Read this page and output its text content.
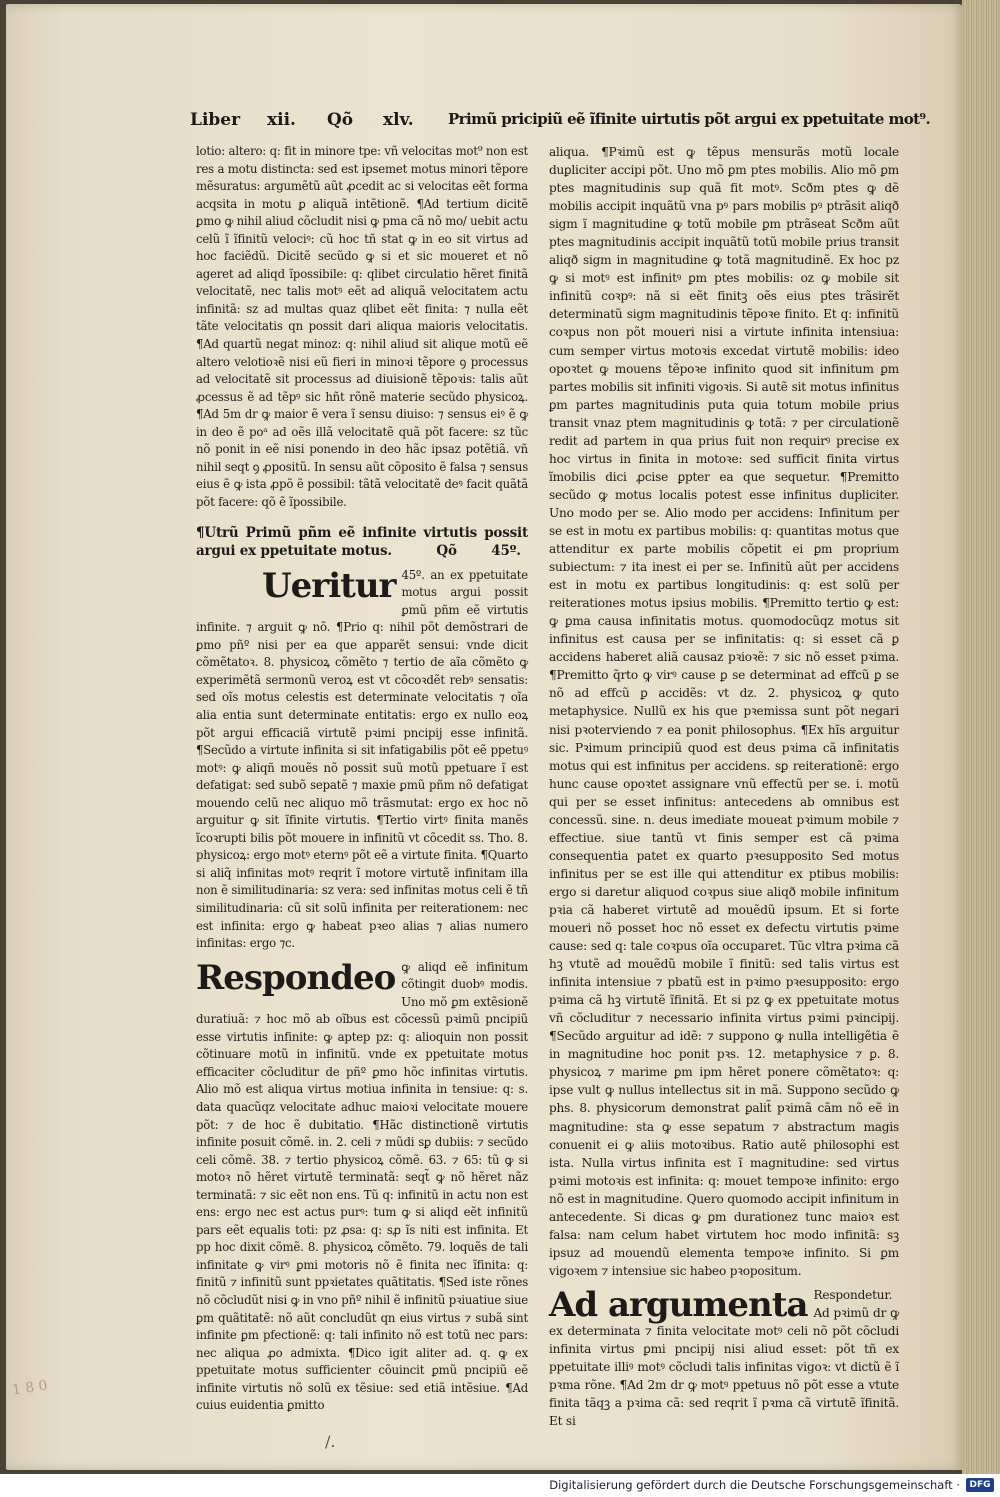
Liber xii. Qõ xlv. Primũ pricipiũ eẽ ĩfinite uirtutis põt argui ex ppetuitate mot⁹.

lotio: altero: q: fit in minore tpe: vñ velocitas mot⁹ non est res a motu distincta: sed est ipsemet motus minori tẽpore mẽsuratus: argumẽtũ aũt ꝓcedit ac si velocitas eẽt forma acqsita in motu ꝑ aliquã intẽtionẽ. ¶Ad tertium dicitẽ ꝑmo ꝙ nihil aliud cõcludit nisi ꝙ pma cã nõ mo/ uebit actu celũ ĩ ĩfinitũ velociꝰ: cũ hoc tñ stat ꝙ in eo sit virtus ad hoc faciẽdũ. Dicitẽ secũdo ꝙ si et sic moueret et nõ ageret ad aliqd ĩpossibile: q: qlibet circulatio hẽret finitã velocitatẽ, nec talis motꝰ eẽt ad aliquã velocitatem actu infinitã: sz ad multas quaz qlibet eẽt finita: ⁊ nulla eẽt tãte velocitatis qn possit dari aliqua maioris velocitatis. ¶Ad quartũ negat minoz: q: nihil aliud sit alique motũ eẽ altero velotioꝛẽ nisi eũ fieri in minoꝛi tẽpore ꝯ processus ad velocitatẽ sit processus ad diuisionẽ tẽpoꝛis: talis aũt ꝓcessus ẽ ad tẽpꝰ sic hñt rõnẽ materie secũdo physicoꝝ. ¶Ad 5m dr ꝙ maior ẽ vera ĩ sensu diuiso: ⁊ sensus eiꝰ ẽ ꝙ in deo ẽ poᵃ ad oẽs illã velocitatẽ quã põt facere: sz tũc nõ ponit in eẽ nisi ponendo in deo hãc ipsaz potẽtiã. vñ nihil seqt ꝯ ꝓpositũ. In sensu aũt cõposito ẽ falsa ⁊ sensus eius ẽ ꝙ ista ꝓpõ ẽ possibil: tãtã velocitatẽ deꝰ facit quãtã põt facere: qõ ẽ ĩpossibile.

¶Utrũ Primũ pñm eẽ infinite virtutis possit argui ex ppetuitate motus.	Qõ	45º.

Ueritur 45º. an ex ppetuitate motus argui possit ꝑmũ pñm eẽ virtutis infinite. ⁊ arguit ꝙ nõ. ¶Prio q: nihil põt demõstrari de ꝑmo pñº nisi per ea que apparẽt sensui: vnde dicit cõmẽtatoꝛ. 8. physicoꝝ cõmẽto ⁊ tertio de aĩa cõmẽto ꝙ experimẽtã sermonũ veroꝝ est vt cõcoꝛdẽt rebꝰ sensatis: sed oĩs motus celestis est determinate velocitatis ⁊ oĩa alia entia sunt determinate entitatis: ergo ex nullo eoꝝ põt argui efficaciã virtutẽ pꝛimi pncipij esse infinitã. ¶Secũdo a virtute infinita si sit infatigabilis põt eẽ ppetuꝰ motꝰ: ꝙ aliqñ mouẽs nõ possit suũ motũ ppetuare ĩ est defatigat: sed subõ sepatẽ ⁊ maxie ꝑmũ pñm nõ defatigat mouendo celũ nec aliquo mõ trãsmutat: ergo ex hoc nõ arguitur ꝙ sit ĩfinite virtutis. ¶Tertio virtꝰ finita manẽs ĩcoꝛrupti bilis põt mouere in infinitũ vt cõcedit ss. Tho. 8. physicoꝝ: ergo motꝰ eternꝰ põt eẽ a virtute finita. ¶Quarto si aliq̃ infinitas motꝰ reqrit ĩ motore virtutẽ infinitam illa non ẽ similitudinaria: sz vera: sed infinitas motus celi ẽ tñ similitudinaria: cũ sit solũ infinita per reiterationem: nec est infinita: ergo ꝙ habeat pꝛeo alias ⁊ alias numero infinitas: ergo ⁊c.

Respondeo ꝙ aliqd eẽ infinitum cõtingit duobꝰ modis. Uno mõ ꝑm extẽsionẽ duratiuã: ⁊ hoc mõ ab oĩbus est cõcessũ pꝛimũ pncipiũ esse virtutis infinite: ꝙ aptep pz: q: alioquin non possit cõtinuare motũ in infinitũ. vnde ex ppetuitate motus efficaciter cõcluditur de pñº ꝑmo hõc infinitas virtutis. Alio mõ est aliqua virtus motiua infinita in tensiue: q: s. data quacũqz velocitate adhuc maioꝛi velocitate mouere põt: ⁊ de hoc ẽ dubitatio. ¶Hãc distinctionẽ virtutis infinite posuit cõmẽ. in. 2. celi ⁊ mũdi sꝑ dubiis: ⁊ secũdo celi cõmẽ. 38. ⁊ tertio physicoꝝ cõmẽ. 63. ⁊ 65: tũ ꝙ si motoꝛ nõ hẽret virtutẽ terminatã: seqt̃ ꝙ nõ hẽret nãz terminatã: ⁊ sic eẽt non ens. Tũ q: infinitũ in actu non est ens: ergo nec est actus purꝰ: tum ꝙ si aliqd eẽt infinitũ pars eẽt equalis toti: pz ꝓsa: q: sꝓ ĩs niti est infinita. Et pp hoc dixit cõmẽ. 8. physicoꝝ cõmẽto. 79. loquẽs de tali infinitate ꝙ virꝰ ꝑmi motoris nõ ẽ finita nec ĩfinita: q: finitũ ⁊ infinitũ sunt ppꝛietates quãtitatis. ¶Sed iste rõnes nõ cõcludũt nisi ꝙ in vno pñº nihil ẽ infinitũ pꝛiuatiue siue ꝑm quãtitatẽ: nõ aũt concludũt qn eius virtus ⁊ subã sint infinite ꝑm pfectionẽ: q: tali infinito nõ est totũ nec pars: nec aliqua ꝓo admixta. ¶Dico igit aliter ad. q. ꝙ ex ppetuitate motus sufficienter cõuincit ꝑmũ pncipiũ eẽ infinite virtutis nõ solũ ex tẽsiue: sed etiã intẽsiue. ¶Ad cuius euidentia ꝑmitto

aliqua. ¶Pꝛimũ est ꝙ tẽpus mensurãs motũ locale duꝑliciter accipi põt. Uno mõ ꝑm ptes mobilis. Alio mõ ꝑm ptes magnitudinis sup quã fit motꝰ. Scðm ptes ꝙ dẽ mobilis accipit inquãtũ vna pꝰ pars mobilis pꝰ ptrãsit aliqð sigm ĩ magnitudine ꝙ totũ mobile ꝑm ptrãseat Scðm aũt ptes magnitudinis accipit inquãtũ totũ mobile prius transit aliqð sigm in magnitudine ꝙ totã magnitudinẽ. Ex hoc pz ꝙ si motꝰ est infinitꝰ ꝑm ptes mobilis: oz ꝙ mobile sit infinitũ coꝛpꝰ: nã si eẽt finitꝫ oẽs eius ptes trãsirẽt determinatũ sigm magnitudinis tẽpoꝛe finito. Et q: infinitũ coꝛpus non põt moueri nisi a virtute infinita intensiua: cum semper virtus motoꝛis excedat virtutẽ mobilis: ideo opoꝛtet ꝙ mouens tẽpoꝛe infinito quod sit infinitum ꝑm partes mobilis sit infiniti vigoꝛis. Si autẽ sit motus infinitus ꝑm partes magnitudinis puta quia totum mobile prius transit vnaz ptem magnitudinis ꝙ totã: ⁊ per circulationẽ redit ad partem in qua prius fuit non requirꝰ precise ex hoc virtus in finita in motoꝛe: sed sufficit finita virtus ĩmobilis dici ꝓcise ꝑpter ea que sequetur. ¶Premitto secũdo ꝙ motus localis potest esse infinitus dupliciter. Uno modo per se. Alio modo per accidens: Infinitum per se est in motu ex partibus mobilis: q: quantitas motus que attenditur ex parte mobilis cõpetit ei ꝑm proprium subiectum: ⁊ ita inest ei per se. Infinitũ aũt per accidens est in motu ex partibus longitudinis: q: est solũ per reiterationes motus ipsius mobilis. ¶Premitto tertio ꝙ est: ꝙ ꝑma causa infinitatis motus. quomodocũqz motus sit infinitus est causa per se infinitatis: q: si esset cã ꝑ accidens haberet aliã causaz pꝛioꝛẽ: ⁊ sic nõ esset pꝛima. ¶Premitto q̃rto ꝙ virꝰ cause ꝑ se determinat ad effcũ ꝑ se nõ ad effcũ ꝑ accidẽs: vt dz. 2. physicoꝝ ꝙ quto metaphysice. Nullũ ex his que pꝛemissa sunt põt negari nisi pꝛoterviendo ⁊ ea ponit philosophus. ¶Ex hĩs arguitur sic. Pꝛimum principiũ quod est deus pꝛima cã infinitatis motus qui est infinitus per accidens. sꝑ reiterationẽ: ergo hunc cause opoꝛtet assignare vnũ effectũ per se. i. motũ qui per se esset infinitus: antecedens ab omnibus est concessũ. sine. n. deus imediate moueat pꝛimum mobile ⁊ effectiue. siue tantũ vt finis semper est cã pꝛima consequentia patet ex quarto pꝛesupposito Sed motus infinitus per se est ille qui attenditur ex ptibus mobilis: ergo si daretur aliquod coꝛpus siue aliqð mobile infinitum pꝛia cã haberet virtutẽ ad mouẽdũ ipsum. Et si forte moueri nõ posset hoc nõ esset ex defectu virtutis pꝛime cause: sed q: tale coꝛpus oĩa occuparet. Tũc vltra pꝛima cã hꝫ vtutẽ ad mouẽdũ mobile ĩ finitũ: sed talis virtus est infinita intensiue ⁊ pbatũ est in pꝛimo pꝛesupposito: ergo pꝛima cã hꝫ virtutẽ ĩfinitã. Et si pz ꝙ ex ppetuitate motus vñ cõcluditur ⁊ necessario infinita virtus pꝛimi pꝛincipij. ¶Secũdo arguitur ad idẽ: ⁊ suppono ꝙ nulla intelligẽtia ẽ in magnitudine hoc ponit pꝛs. 12. metaphysice ⁊ ꝑ. 8. physicoꝝ ⁊ marime ꝑm ipm hẽret ponere cõmẽtatoꝛ: q: ipse vult ꝙ nullus intellectus sit in mã. Suppono secũdo ꝙ phs. 8. physicorum demonstrat ꝑalit̃ pꝛimã cãm nõ eẽ in magnitudine: sta ꝙ esse sepatum ⁊ abstractum magis conuenit ei ꝙ aliis motoꝛibus. Ratio autẽ philosophi est ista. Nulla virtus infinita est ĩ magnitudine: sed virtus pꝛimi motoꝛis est infinita: q: mouet tempoꝛe infinito: ergo nõ est in magnitudine. Quero quomodo accipit infinitum in antecedente. Si dicas ꝙ ꝑm durationez tunc maioꝛ est falsa: nam celum habet virtutem hoc modo infinitã: sꝫ ipsuz ad mouendũ elementa tempoꝛe infinito. Si ꝑm vigoꝛem ⁊ intensiue sic habeo pꝛopositum.

Ad argumenta Respondetur. Ad pꝛimũ dr ꝙ ex determinata ⁊ finita velocitate motꝰ celi nõ põt cõcludi infinita virtus ꝑmi pncipij nisi aliud esset: põt tñ ex ppetuitate illiꝰ motꝰ cõcludi talis infinitas vigoꝛ: vt dictũ ẽ ĩ pꝛma rõne. ¶Ad 2m dr ꝙ motꝰ ppetuus nõ põt esse a vtute finita tãqꝫ a pꝛima cã: sed reqrit ĩ pꝛma cã virtutẽ ĩfinitã. Et si

1 8 0
/.
Digitalisierung gefördert durch die Deutsche Forschungsgemeinschaft ·	DFG
